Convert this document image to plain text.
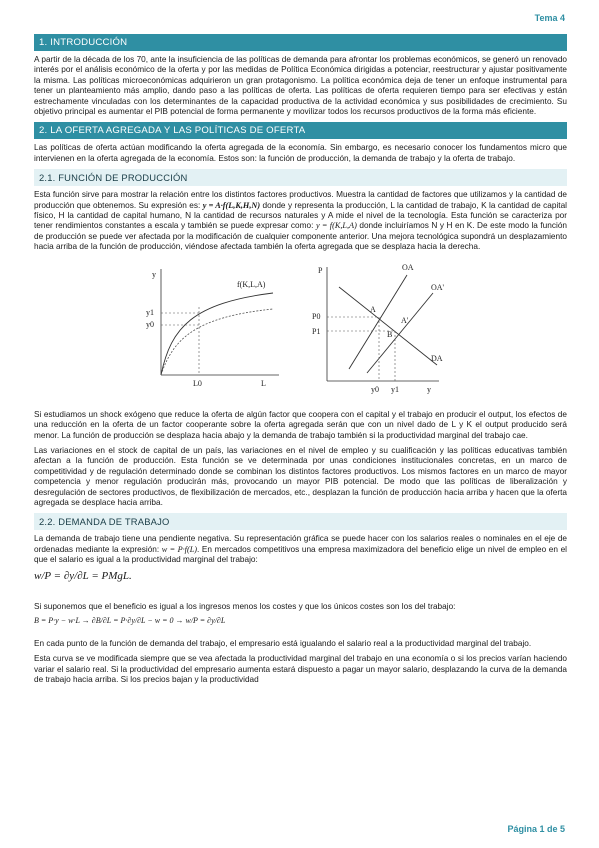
Tema 4
1. INTRODUCCIÓN

A partir de la década de los 70, ante la insuficiencia de las políticas de demanda para afrontar los problemas económicos, se generó un renovado interés por el análisis económico de la oferta y por las medidas de Política Económica dirigidas a potenciar, reestructurar y ajustar positivamente la misma. Las políticas microeconómicas adquirieron un gran protagonismo. La política económica deja de tener un enfoque instrumental para tener un planteamiento más amplio, dando paso a las políticas de oferta. Las políticas de oferta requieren tiempo para ser efectivas y están estrechamente vinculadas con los determinantes de la capacidad productiva de la actividad económica y sus posibilidades de crecimiento. Su objetivo principal es aumentar el PIB potencial de forma permanente y movilizar todos los recursos productivos de la forma más eficiente.

2. LA OFERTA AGREGADA Y LAS POLÍTICAS DE OFERTA

Las políticas de oferta actúan modificando la oferta agregada de la economía. Sin embargo, es necesario conocer los fundamentos micro que intervienen en la oferta agregada de la economía. Estos son: la función de producción, la demanda de trabajo y la oferta de trabajo.

2.1. FUNCIÓN DE PRODUCCIÓN

Esta función sirve para mostrar la relación entre los distintos factores productivos. Muestra la cantidad de factores que utilizamos y la cantidad de producción que obtenemos. Su expresión es: y = A·f(L,K,H,N) donde y representa la producción, L la cantidad de trabajo, K la cantidad de capital físico, H la cantidad de capital humano, N la cantidad de recursos naturales y A mide el nivel de la tecnología. Esta función se caracteriza por tener rendimientos constantes a escala y también se puede expresar como: y = f(K,L,A) donde incluiríamos N y H en K. De este modo la función de producción se puede ver afectada por la modificación de cualquier componente anterior. Una mejora tecnológica supondrá un desplazamiento hacia arriba de la función de producción, viéndose afectada también la oferta agregada que se desplaza hacia la derecha.

y
y1
y0
f(K,L,A)
L0	L
P	OA
OA'
DA
A
A'
B
P0
P1
y0 y1	y

Si estudiamos un shock exógeno que reduce la oferta de algún factor que coopera con el capital y el trabajo en producir el output, los efectos de una reducción en la oferta de un factor cooperante sobre la oferta agregada serán que con un nivel dado de L y K el output producido será menor. La función de producción se desplaza hacia abajo y la demanda de trabajo también si la productividad marginal del trabajo cae.

Las variaciones en el stock de capital de un país, las variaciones en el nivel de empleo y su cualificación y las políticas educativas también afectan a la función de producción. Esta función se ve determinada por unas condiciones institucionales concretas, en un marco de competitividad y de regulación determinado donde se combinan los distintos factores productivos. Los mismos factores en un marco de mayor competencia y menor regulación producirán más, provocando un mayor PIB potencial. De modo que las políticas de liberalización y desregulación de sectores productivos, de flexibilización de mercados, etc., desplazan la función de producción hacia arriba y hacen que la oferta agregada se desplace hacia arriba.

2.2. DEMANDA DE TRABAJO

La demanda de trabajo tiene una pendiente negativa. Su representación gráfica se puede hacer con los salarios reales o nominales en el eje de ordenadas mediante la expresión: w = P·f(L). En mercados competitivos una empresa maximizadora del beneficio elige un nivel de empleo en el que el salario es igual a la productividad marginal del trabajo:

w/P = ∂y/∂L = PMgL.

Si suponemos que el beneficio es igual a los ingresos menos los costes y que los únicos costes son los del trabajo:

B = P·y − w·L → ∂B/∂L = P·∂y/∂L − w = 0 → w/P = ∂y/∂L

En cada punto de la función de demanda del trabajo, el empresario está igualando el salario real a la productividad marginal del trabajo.

Esta curva se ve modificada siempre que se vea afectada la productividad marginal del trabajo en una economía o si los precios varían haciendo variar el salario real. Si la productividad del empresario aumenta estará dispuesto a pagar un mayor salario, desplazando la curva de la demanda de trabajo hacia arriba. Si los precios bajan y la productividad

Página 1 de 5
